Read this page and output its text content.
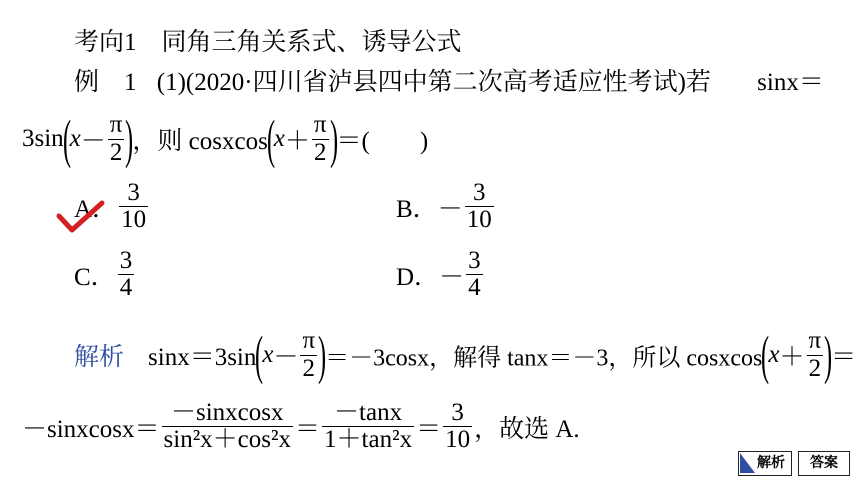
考向1　同角三角关系式、诱导公式
例　1 (1)(2020·四川省泸县四中第二次高考适应性考试)若 sinx＝
$3\sin(x- \frac{\pi}{2}$ )，则 cosxcos(x＋ $\frac{\pi}{2}$ )＝(　　)
A． $\frac{3}{10}$	B．－ $\frac{3}{10}$
C． $\frac{3}{4}$	D．－ $\frac{3}{4}$
解析 $\sin x=3\sin(x- \frac{\pi}{2} )=-3\cos x$，解得 tanx＝－3，所以 cosxcos(x＋ $\frac{\pi}{2}$ )＝
－sinxcosx＝ $\frac{\text{－sinxcosx}}{\text{sin²x＋cos²x}} = \frac{-\tan x}{\text{1＋tan²x}} = \frac{3}{10}$ ，故选 A.
解析	答案
